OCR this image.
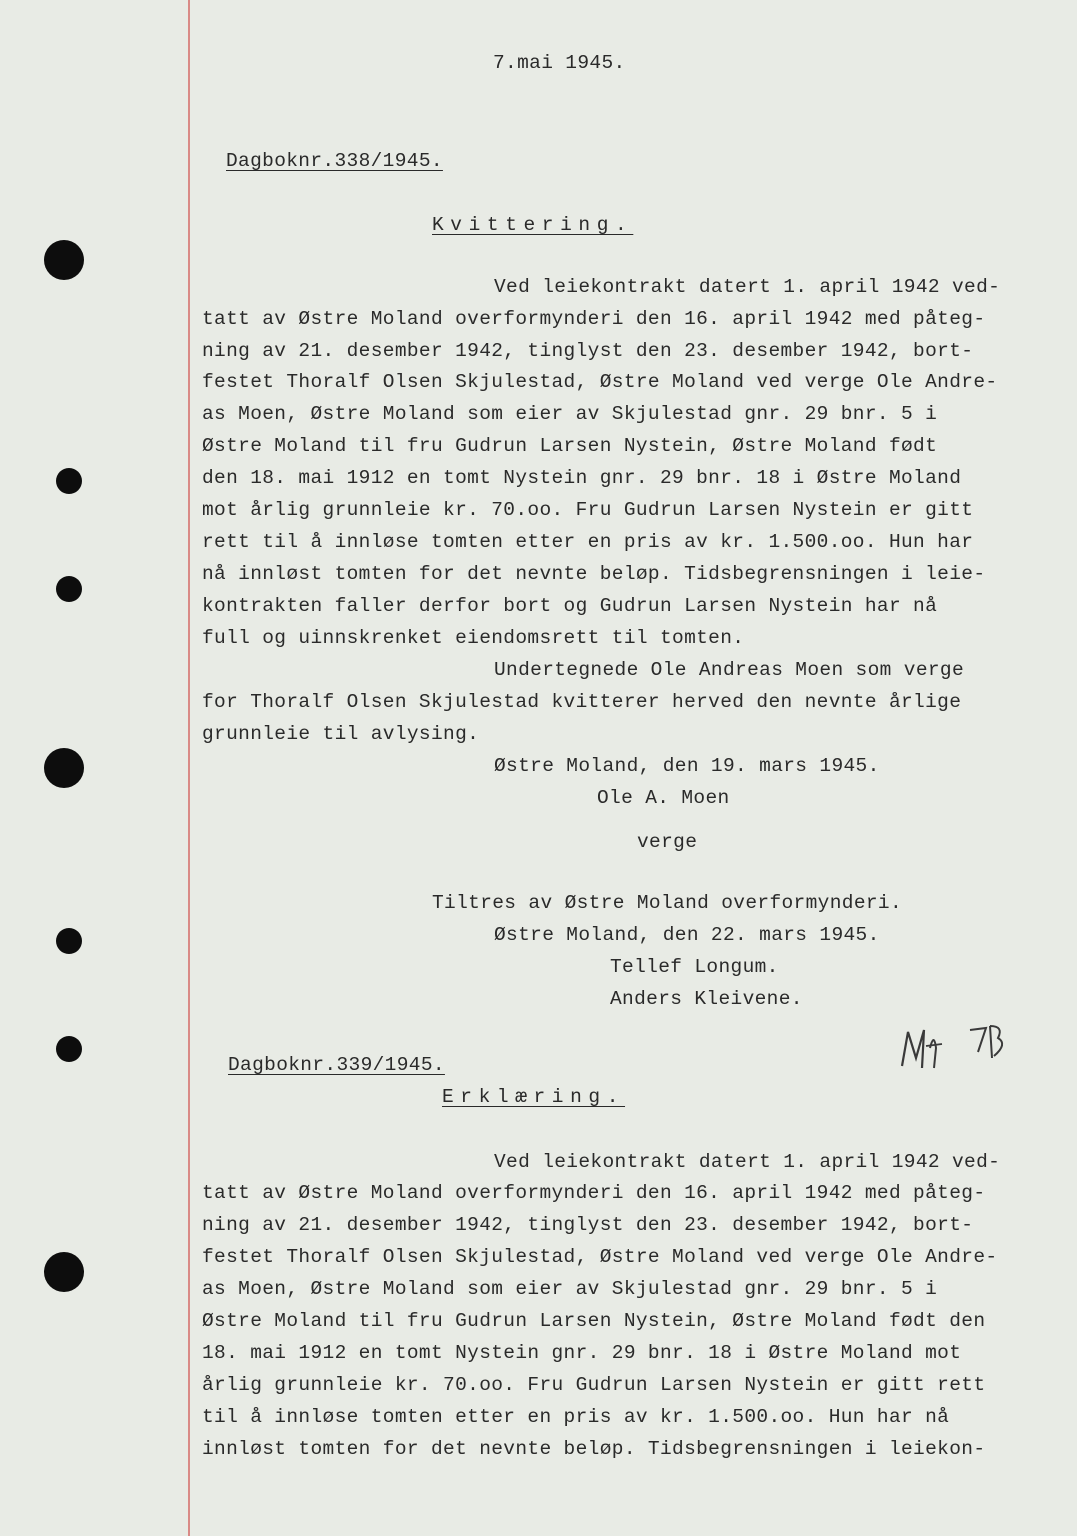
7.mai 1945.
Dagboknr.338/1945.
Kvittering.
Ved leiekontrakt datert 1. april 1942 ved-
tatt av Østre Moland overformynderi den 16. april 1942 med påteg-
ning av 21. desember 1942, tinglyst den 23. desember 1942, bort-
festet Thoralf Olsen Skjulestad, Østre Moland ved verge Ole Andre-
as Moen, Østre Moland som eier av Skjulestad gnr. 29 bnr. 5 i
Østre Moland til fru Gudrun Larsen Nystein, Østre Moland født
den 18. mai 1912 en tomt Nystein gnr. 29 bnr. 18 i Østre Moland
mot årlig grunnleie kr. 70.oo. Fru Gudrun Larsen Nystein er gitt
rett til å innløse tomten etter en pris av kr. 1.500.oo. Hun har
nå innløst tomten for det nevnte beløp. Tidsbegrensningen i leie-
kontrakten faller derfor bort og Gudrun Larsen Nystein har nå
full og uinnskrenket eiendomsrett til tomten.
Undertegnede Ole Andreas Moen som verge
for Thoralf Olsen Skjulestad kvitterer herved den nevnte årlige
grunnleie til avlysing.
Østre Moland, den 19. mars 1945.
Ole A. Moen
verge
Tiltres av Østre Moland overformynderi.
Østre Moland, den 22. mars 1945.
Tellef Longum.
Anders Kleivene.
Dagboknr.339/1945.
Erklæring.
Ved leiekontrakt datert 1. april 1942 ved-
tatt av Østre Moland overformynderi den 16. april 1942 med påteg-
ning av 21. desember 1942, tinglyst den 23. desember 1942, bort-
festet Thoralf Olsen Skjulestad, Østre Moland ved verge Ole Andre-
as Moen, Østre Moland som eier av Skjulestad gnr. 29 bnr. 5 i
Østre Moland til fru Gudrun Larsen Nystein, Østre Moland født den
18. mai 1912 en tomt Nystein gnr. 29 bnr. 18 i Østre Moland mot
årlig grunnleie kr. 70.oo. Fru Gudrun Larsen Nystein er gitt rett
til å innløse tomten etter en pris av kr. 1.500.oo. Hun har nå
innløst tomten for det nevnte beløp. Tidsbegrensningen i leiekon-
